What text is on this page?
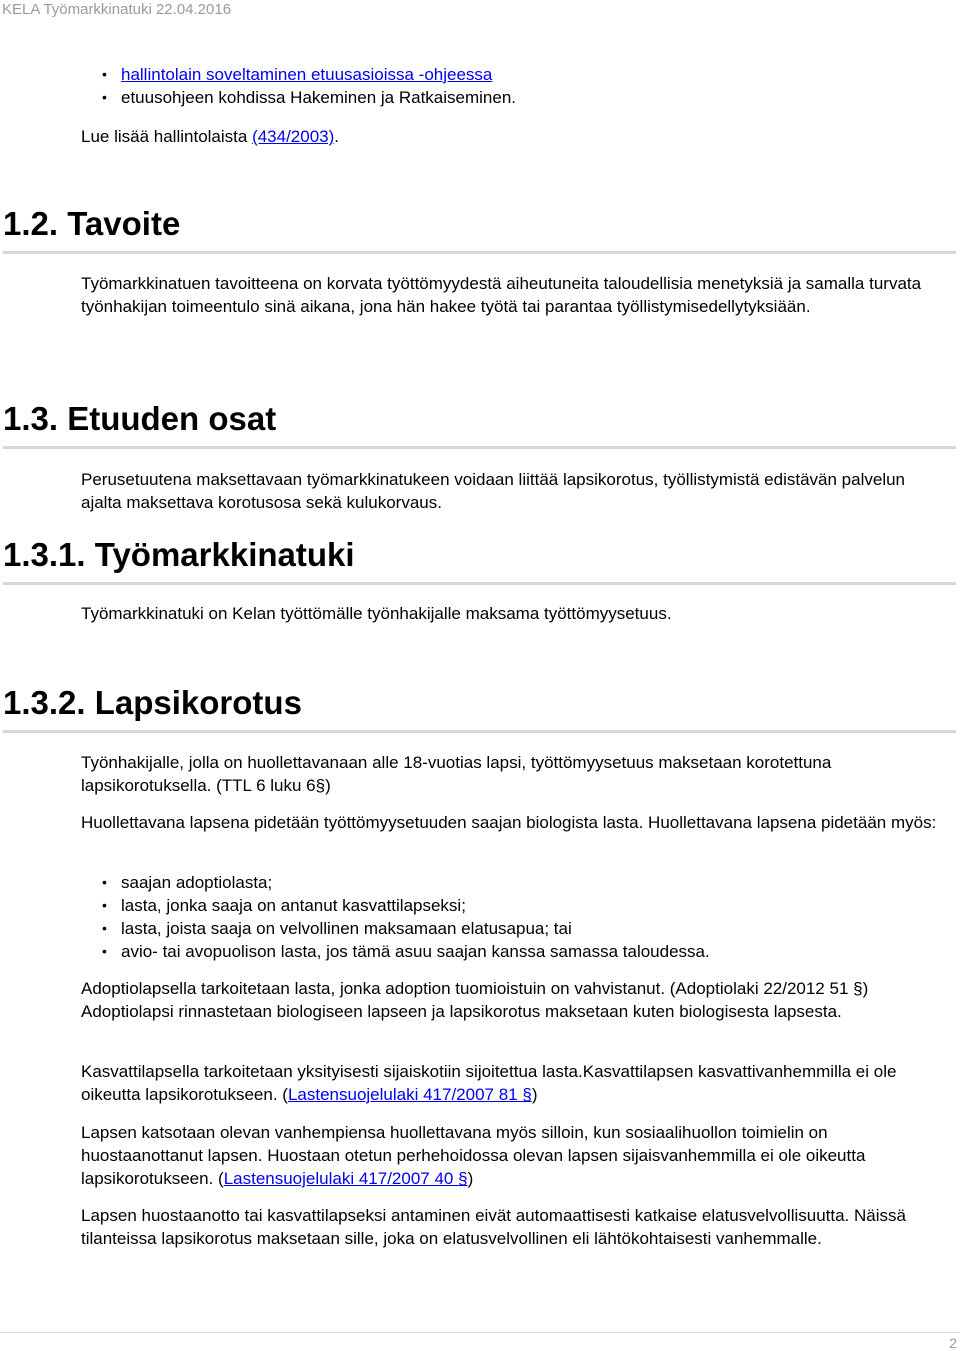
KELA Työmarkkinatuki 22.04.2016
• hallintolain soveltaminen etuusasioissa -ohjeessa
• etuusohjeen kohdissa Hakeminen ja Ratkaiseminen.

Lue lisää hallintolaista (434/2003).

1.2. Tavoite

Työmarkkinatuen tavoitteena on korvata työttömyydestä aiheutuneita taloudellisia menetyksiä ja samalla turvata työnhakijan toimeentulo sinä aikana, jona hän hakee työtä tai parantaa työllistymisedellytyksiään.

1.3. Etuuden osat

Perusetuutena maksettavaan työmarkkinatukeen voidaan liittää lapsikorotus, työllistymistä edistävän palvelun ajalta maksettava korotusosa sekä kulukorvaus.

1.3.1. Työmarkkinatuki

Työmarkkinatuki on Kelan työttömälle työnhakijalle maksama työttömyysetuus.

1.3.2. Lapsikorotus

Työnhakijalle, jolla on huollettavanaan alle 18-vuotias lapsi, työttömyysetuus maksetaan korotettuna lapsikorotuksella. (TTL 6 luku 6§)

Huollettavana lapsena pidetään työttömyysetuuden saajan biologista lasta. Huollettavana lapsena pidetään myös:

• saajan adoptiolasta;
• lasta, jonka saaja on antanut kasvattilapseksi;
• lasta, joista saaja on velvollinen maksamaan elatusapua; tai
• avio- tai avopuolison lasta, jos tämä asuu saajan kanssa samassa taloudessa.

Adoptiolapsella tarkoitetaan lasta, jonka adoption tuomioistuin on vahvistanut. (Adoptiolaki 22/2012 51 §) Adoptiolapsi rinnastetaan biologiseen lapseen ja lapsikorotus maksetaan kuten biologisesta lapsesta.

Kasvattilapsella tarkoitetaan yksityisesti sijaiskotiin sijoitettua lasta.Kasvattilapsen kasvattivanhemmilla ei ole oikeutta lapsikorotukseen. (Lastensuojelulaki 417/2007 81 §)

Lapsen katsotaan olevan vanhempiensa huollettavana myös silloin, kun sosiaalihuollon toimielin on huostaanottanut lapsen. Huostaan otetun perhehoidossa olevan lapsen sijaisvanhemmilla ei ole oikeutta lapsikorotukseen. (Lastensuojelulaki 417/2007 40 §)

Lapsen huostaanotto tai kasvattilapseksi antaminen eivät automaattisesti katkaise elatusvelvollisuutta. Näissä tilanteissa lapsikorotus maksetaan sille, joka on elatusvelvollinen eli lähtökohtaisesti vanhemmalle.

2
